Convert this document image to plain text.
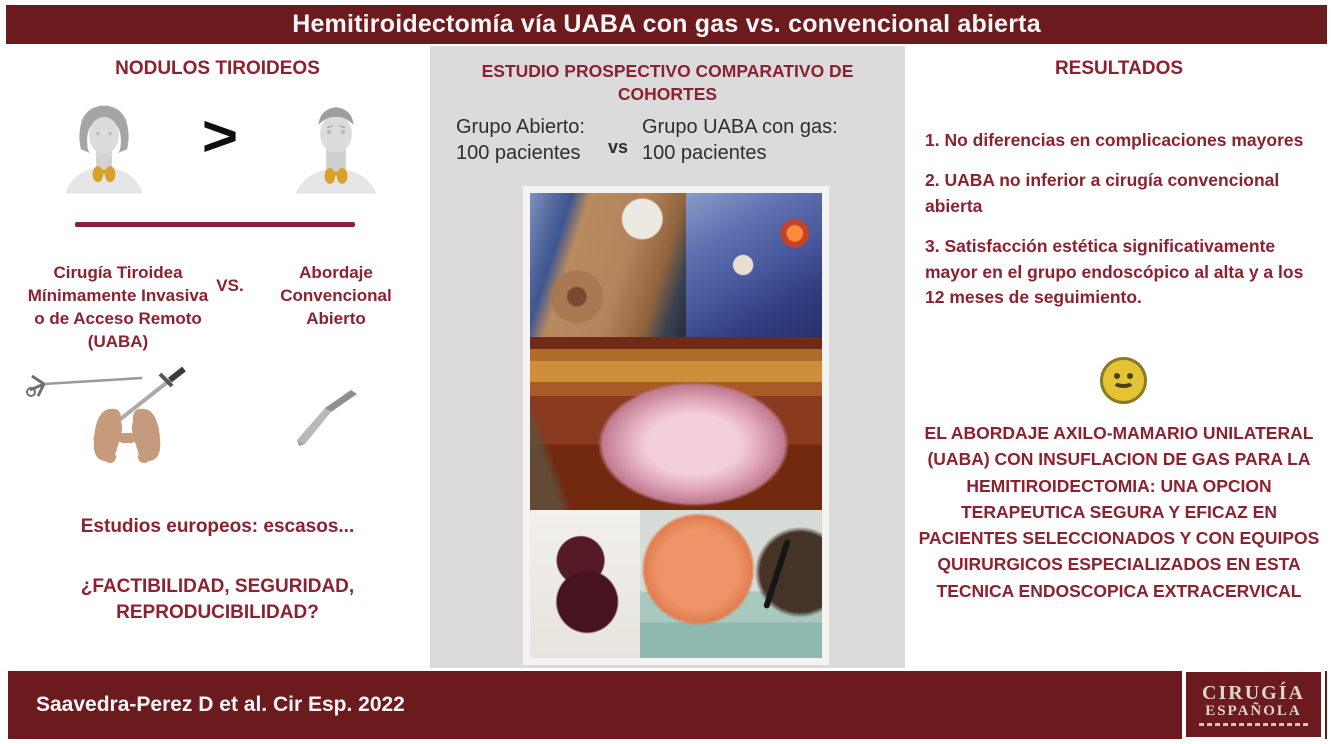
Hemitiroidectomía vía UABA con gas vs. convencional abierta
NODULOS TIROIDEOS
>
Cirugía Tiroidea Mínimamente Invasiva o de Acceso Remoto (UABA)
VS.
Abordaje Convencional Abierto
Estudios europeos: escasos...
¿FACTIBILIDAD, SEGURIDAD, REPRODUCIBILIDAD?
ESTUDIO PROSPECTIVO COMPARATIVO DE COHORTES
Grupo Abierto:
100 pacientes	vs
Grupo UABA con gas:
100 pacientes
RESULTADOS

1. No diferencias en complicaciones mayores

2. UABA no inferior a cirugía convencional abierta

3. Satisfacción estética significativamente mayor en el grupo endoscópico al alta y a los 12 meses de seguimiento.

EL ABORDAJE AXILO-MAMARIO UNILATERAL (UABA) CON INSUFLACION DE GAS PARA LA HEMITIROIDECTOMIA: UNA OPCION TERAPEUTICA SEGURA Y EFICAZ EN PACIENTES SELECCIONADOS Y CON EQUIPOS QUIRURGICOS ESPECIALIZADOS EN ESTA TECNICA ENDOSCOPICA EXTRACERVICAL
Saavedra-Perez D et al. Cir Esp. 2022
CIRUGÍA
ESPAÑOLA
